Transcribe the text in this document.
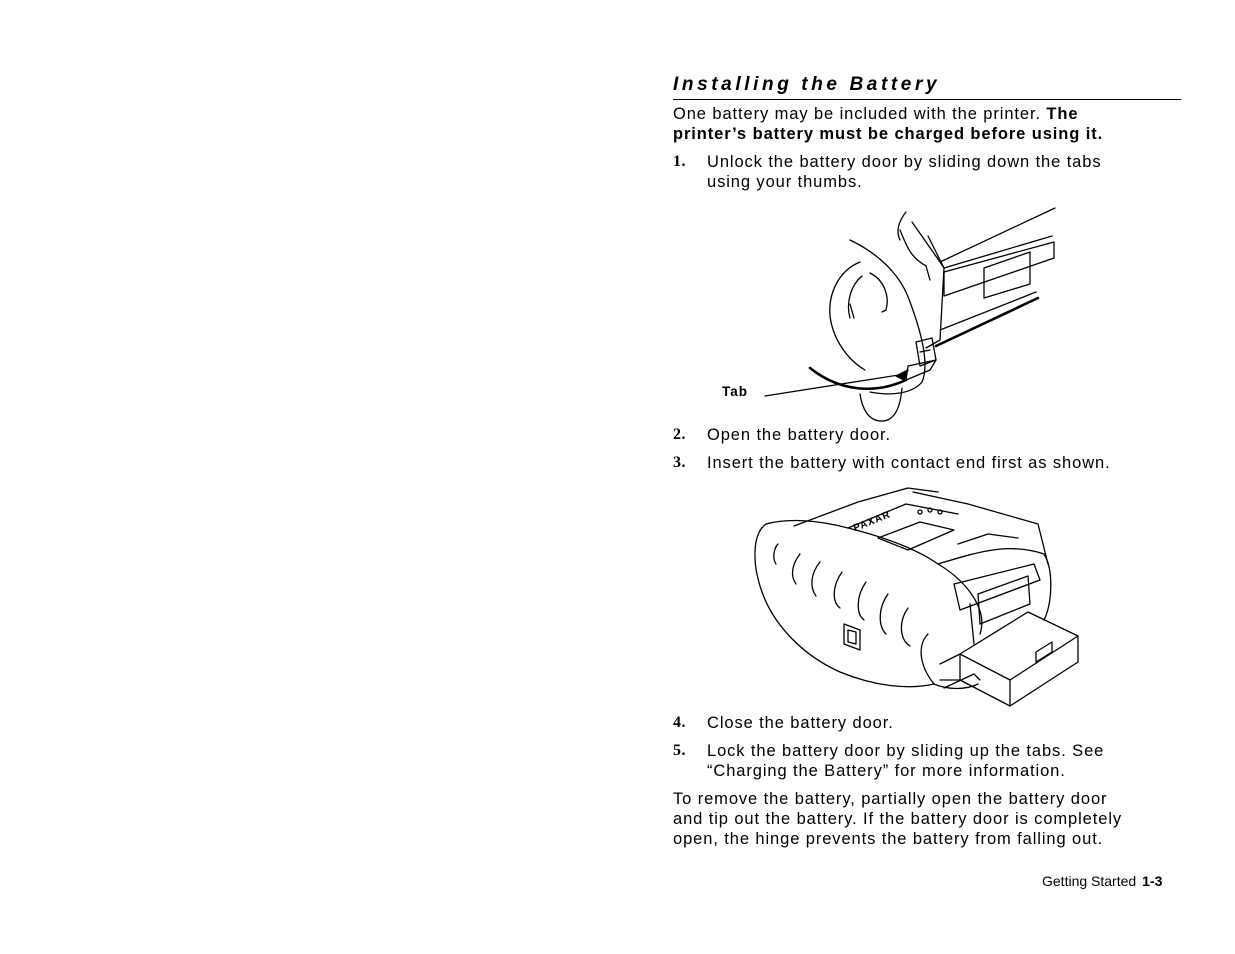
Installing the Battery

One battery may be included with the printer. The
printer’s battery must be charged before using it.

1. Unlock the battery door by sliding down the tabs
using your thumbs.
Tab
2. Open the battery door.
3. Insert the battery with contact end first as shown.
PAXAR
4. Close the battery door.
5. Lock the battery door by sliding up the tabs. See
“Charging the Battery” for more information.

To remove the battery, partially open the battery door
and tip out the battery. If the battery door is completely
open, the hinge prevents the battery from falling out.

Getting Started 1-3
